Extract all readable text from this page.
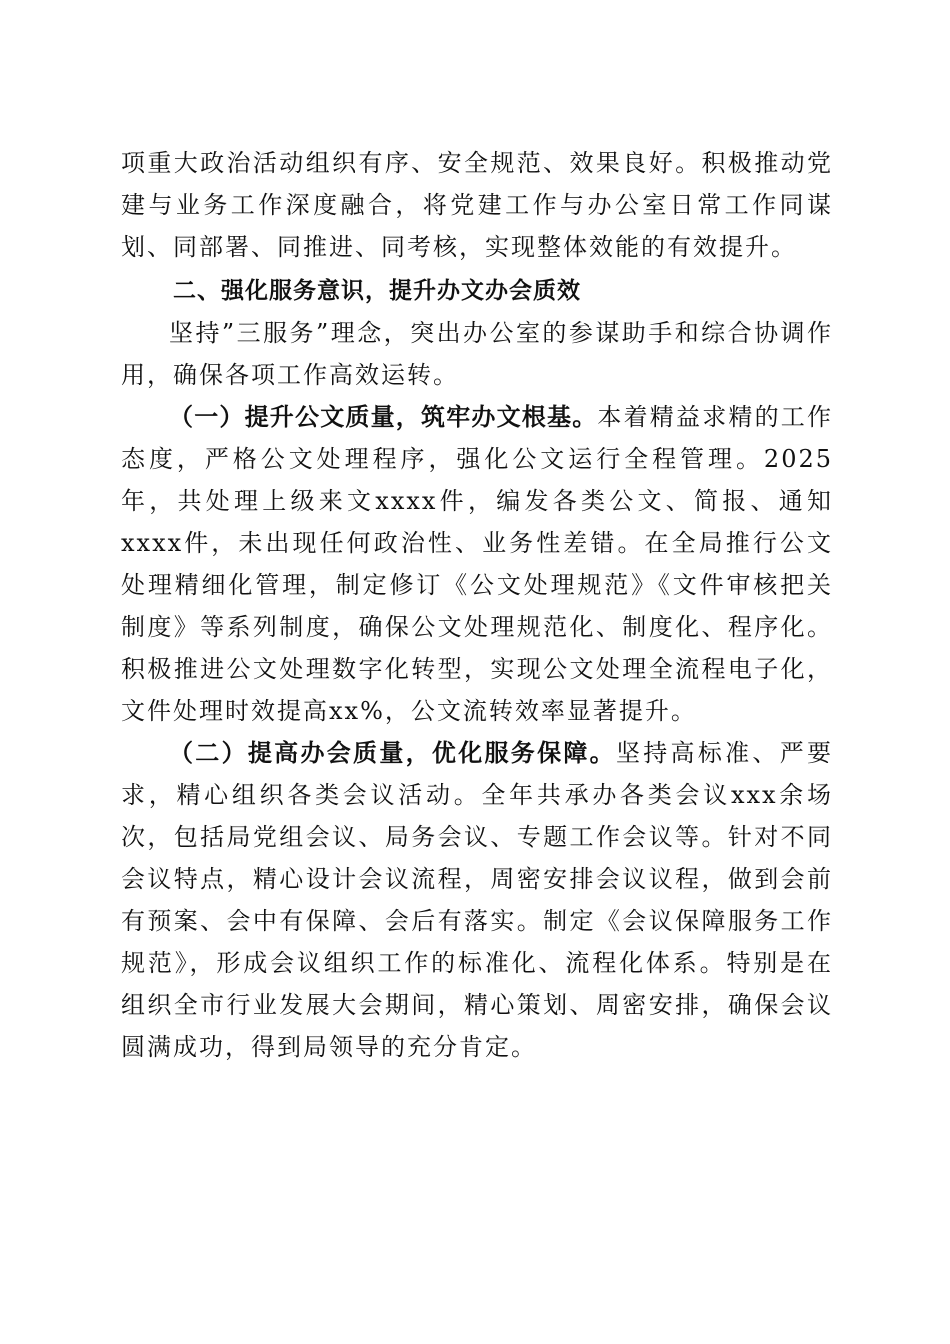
项重大政治活动组织有序、安全规范、效果良好。积极推动党建与业务工作深度融合，将党建工作与办公室日常工作同谋划、同部署、同推进、同考核，实现整体效能的有效提升。

二、强化服务意识，提升办文办会质效

坚持”三服务”理念，突出办公室的参谋助手和综合协调作用，确保各项工作高效运转。

（一）提升公文质量，筑牢办文根基。本着精益求精的工作态度，严格公文处理程序，强化公文运行全程管理。2025年，共处理上级来文xxxx件，编发各类公文、简报、通知xxxx件，未出现任何政治性、业务性差错。在全局推行公文处理精细化管理，制定修订《公文处理规范》《文件审核把关制度》等系列制度，确保公文处理规范化、制度化、程序化。积极推进公文处理数字化转型，实现公文处理全流程电子化，文件处理时效提高xx%，公文流转效率显著提升。

（二）提高办会质量，优化服务保障。坚持高标准、严要求，精心组织各类会议活动。全年共承办各类会议xxx余场次，包括局党组会议、局务会议、专题工作会议等。针对不同会议特点，精心设计会议流程，周密安排会议议程，做到会前有预案、会中有保障、会后有落实。制定《会议保障服务工作规范》，形成会议组织工作的标准化、流程化体系。特别是在组织全市行业发展大会期间，精心策划、周密安排，确保会议圆满成功，得到局领导的充分肯定。
